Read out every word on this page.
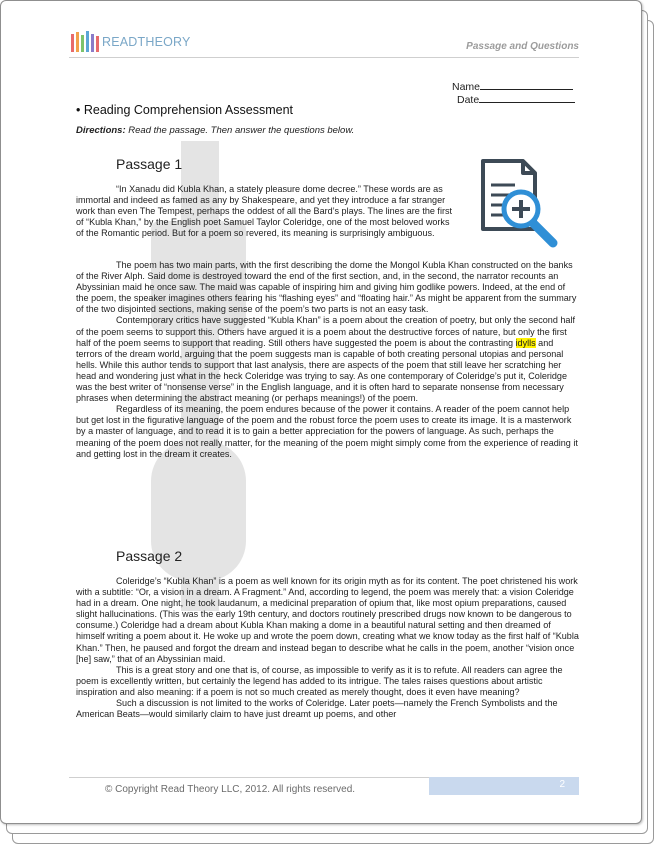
READTHEORY	Passage and Questions
Name
Date
• Reading Comprehension Assessment
Directions: Read the passage. Then answer the questions below.
Passage 1

“In Xanadu did Kubla Khan, a stately pleasure dome decree.” These words are as immortal and indeed as famed as any by Shakespeare, and yet they introduce a far stranger work than even The Tempest, perhaps the oddest of all the Bard’s plays. The lines are the first of “Kubla Khan,” by the English poet Samuel Taylor Coleridge, one of the most beloved works of the Romantic period. But for a poem so revered, its meaning is surprisingly ambiguous.

The poem has two main parts, with the first describing the dome the Mongol Kubla Khan constructed on the banks of the River Alph. Said dome is destroyed toward the end of the first section, and, in the second, the narrator recounts an Abyssinian maid he once saw. The maid was capable of inspiring him and giving him godlike powers. Indeed, at the end of the poem, the speaker imagines others fearing his “flashing eyes” and “floating hair.” As might be apparent from the summary of the two disjointed sections, making sense of the poem’s two parts is not an easy task.

Contemporary critics have suggested “Kubla Khan” is a poem about the creation of poetry, but only the second half of the poem seems to support this. Others have argued it is a poem about the destructive forces of nature, but only the first half of the poem seems to support that reading. Still others have suggested the poem is about the contrasting idylls and terrors of the dream world, arguing that the poem suggests man is capable of both creating personal utopias and personal hells. While this author tends to support that last analysis, there are aspects of the poem that still leave her scratching her head and wondering just what in the heck Coleridge was trying to say. As one contemporary of Coleridge’s put it, Coleridge was the best writer of “nonsense verse” in the English language, and it is often hard to separate nonsense from necessary phrases when determining the abstract meaning (or perhaps meanings!) of the poem.

Regardless of its meaning, the poem endures because of the power it contains. A reader of the poem cannot help but get lost in the figurative language of the poem and the robust force the poem uses to create its image. It is a masterwork by a master of language, and to read it is to gain a better appreciation for the powers of language. As such, perhaps the meaning of the poem does not really matter, for the meaning of the poem might simply come from the experience of reading it and getting lost in the dream it creates.

Passage 2

Coleridge’s “Kubla Khan” is a poem as well known for its origin myth as for its content. The poet christened his work with a subtitle: “Or, a vision in a dream. A Fragment.” And, according to legend, the poem was merely that: a vision Coleridge had in a dream. One night, he took laudanum, a medicinal preparation of opium that, like most opium preparations, caused slight hallucinations. (This was the early 19th century, and doctors routinely prescribed drugs now known to be dangerous to consume.) Coleridge had a dream about Kubla Khan making a dome in a beautiful natural setting and then dreamed of himself writing a poem about it. He woke up and wrote the poem down, creating what we know today as the first half of “Kubla Khan.” Then, he paused and forgot the dream and instead began to describe what he calls in the poem, another “vision once [he] saw,” that of an Abyssinian maid.

This is a great story and one that is, of course, as impossible to verify as it is to refute. All readers can agree the poem is excellently written, but certainly the legend has added to its intrigue. The tales raises questions about artistic inspiration and also meaning: if a poem is not so much created as merely thought, does it even have meaning?

Such a discussion is not limited to the works of Coleridge. Later poets—namely the French Symbolists and the American Beats—would similarly claim to have just dreamt up poems, and other

© Copyright Read Theory LLC, 2012. All rights reserved.	2
